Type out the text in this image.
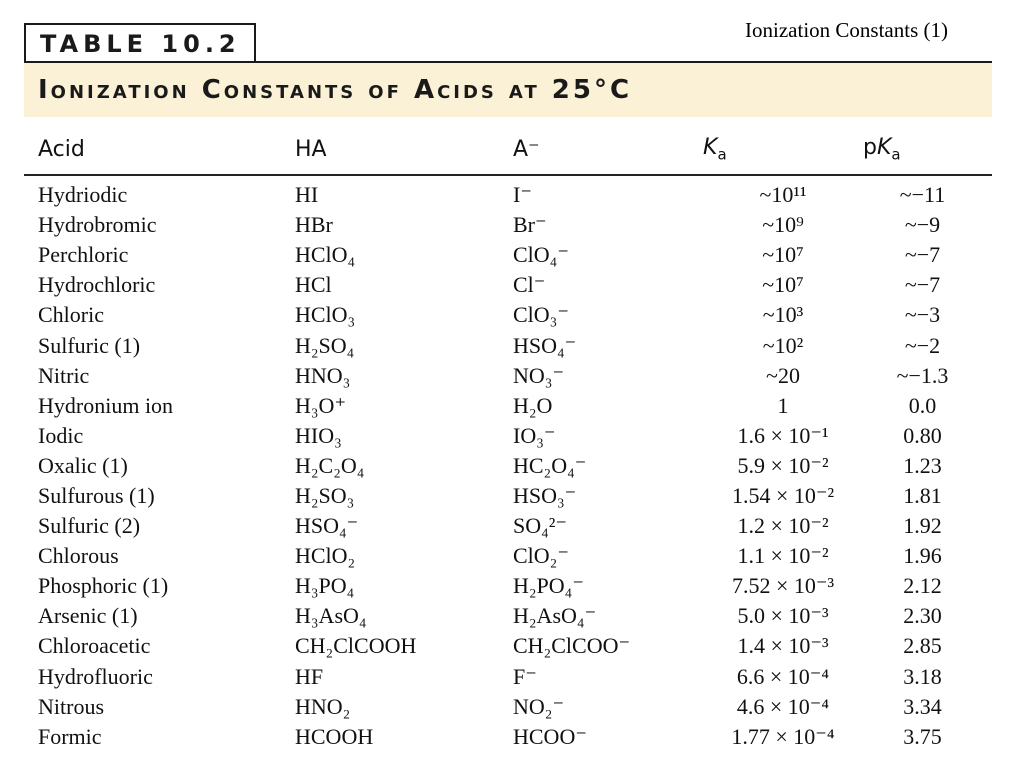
Ionization Constants (1)
TABLE 10.2
Ionization Constants of Acids at 25°C
Acid	HA	A⁻	$K_a$	$pK_a$
Hydriodic	HI	I⁻	~10¹¹	~−11
Hydrobromic	HBr	Br⁻	~10⁹	~−9
Perchloric	HClO₄	ClO₄⁻	~10⁷	~−7
Hydrochloric	HCl	Cl⁻	~10⁷	~−7
Chloric	HClO₃	ClO₃⁻	~10³	~−3
Sulfuric (1)	H₂SO₄	HSO₄⁻	~10²	~−2
Nitric	HNO₃	NO₃⁻	~20	~−1.3
Hydronium ion	H₃O⁺	H₂O	1	0.0
Iodic	HIO₃	IO₃⁻	1.6 × 10⁻¹	0.80
Oxalic (1)	H₂C₂O₄	HC₂O₄⁻	5.9 × 10⁻²	1.23
Sulfurous (1)	H₂SO₃	HSO₃⁻	1.54 × 10⁻²	1.81
Sulfuric (2)	HSO₄⁻	SO₄²⁻	1.2 × 10⁻²	1.92
Chlorous	HClO₂	ClO₂⁻	1.1 × 10⁻²	1.96
Phosphoric (1)	H₃PO₄	H₂PO₄⁻	7.52 × 10⁻³	2.12
Arsenic (1)	H₃AsO₄	H₂AsO₄⁻	5.0 × 10⁻³	2.30
Chloroacetic	CH₂ClCOOH	CH₂ClCOO⁻	1.4 × 10⁻³	2.85
Hydrofluoric	HF	F⁻	6.6 × 10⁻⁴	3.18
Nitrous	HNO₂	NO₂⁻	4.6 × 10⁻⁴	3.34
Formic	HCOOH	HCOO⁻	1.77 × 10⁻⁴	3.75
